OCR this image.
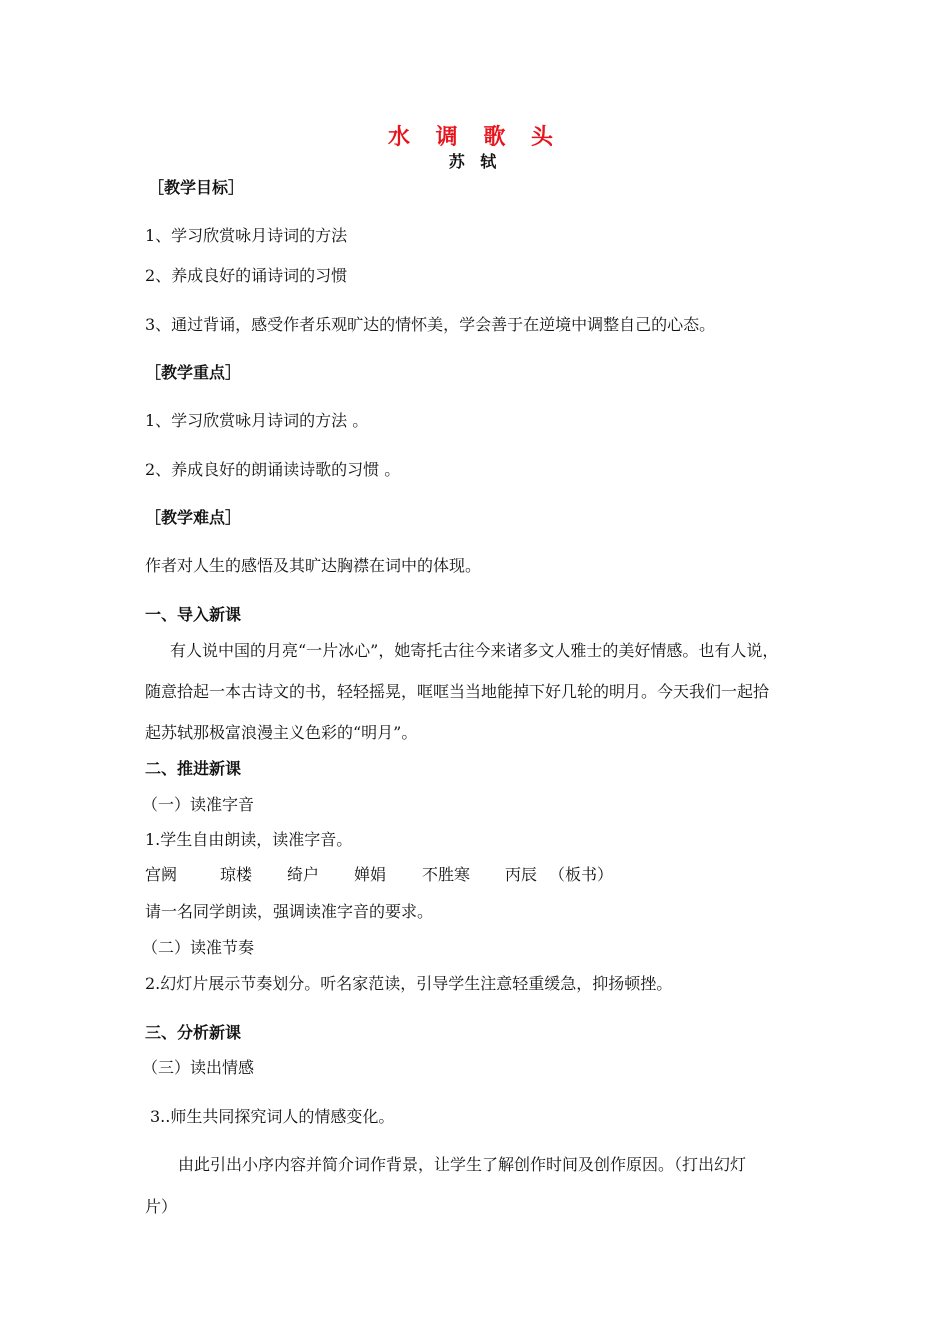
水 调 歌 头
苏 轼
［教学目标］
1、学习欣赏咏月诗词的方法
2、养成良好的诵诗词的习惯
3、通过背诵，感受作者乐观旷达的情怀美，学会善于在逆境中调整自己的心态。
［教学重点］
1、学习欣赏咏月诗词的方法 。
2、养成良好的朗诵读诗歌的习惯 。
［教学难点］
作者对人生的感悟及其旷达胸襟在词中的体现。
一、导入新课
有人说中国的月亮“一片冰心”，她寄托古往今来诸多文人雅士的美好情感。也有人说，
随意拾起一本古诗文的书，轻轻摇晃，哐哐当当地能掉下好几轮的明月。今天我们一起拾
起苏轼那极富浪漫主义色彩的“明月”。
二、推进新课
（一）读准字音
1.学生自由朗读，读准字音。
宫阙	琼楼 绮户 婵娟 不胜寒 丙辰 （板书）
请一名同学朗读，强调读准字音的要求。
（二）读准节奏
2.幻灯片展示节奏划分。听名家范读，引导学生注意轻重缓急，抑扬顿挫。
三、分析新课
（三）读出情感
3..师生共同探究词人的情感变化。
由此引出小序内容并简介词作背景，让学生了解创作时间及创作原因。（打出幻灯
片）
